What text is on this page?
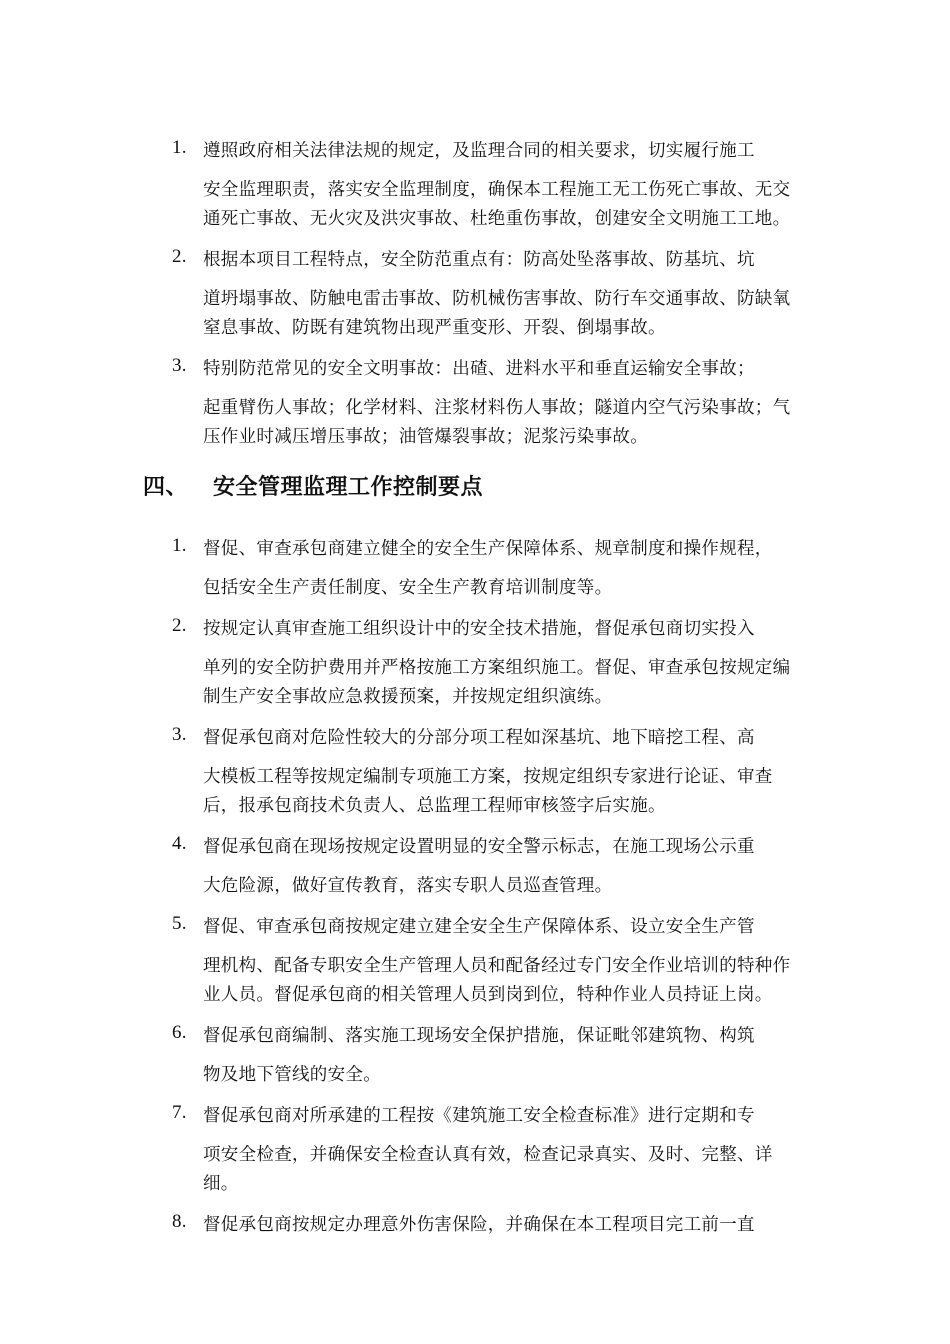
1. 遵照政府相关法律法规的规定，及监理合同的相关要求，切实履行施工
安全监理职责，落实安全监理制度，确保本工程施工无工伤死亡事故、无交通死亡事故、无火灾及洪灾事故、杜绝重伤事故，创建安全文明施工工地。
2. 根据本项目工程特点，安全防范重点有：防高处坠落事故、防基坑、坑
道坍塌事故、防触电雷击事故、防机械伤害事故、防行车交通事故、防缺氧窒息事故、防既有建筑物出现严重变形、开裂、倒塌事故。
3. 特别防范常见的安全文明事故：出碴、进料水平和垂直运输安全事故；
起重臂伤人事故；化学材料、注浆材料伤人事故；隧道内空气污染事故；气压作业时减压增压事故；油管爆裂事故；泥浆污染事故。
四、 安全管理监理工作控制要点
1. 督促、审查承包商建立健全的安全生产保障体系、规章制度和操作规程，
包括安全生产责任制度、安全生产教育培训制度等。
2. 按规定认真审查施工组织设计中的安全技术措施，督促承包商切实投入
单列的安全防护费用并严格按施工方案组织施工。督促、审查承包按规定编制生产安全事故应急救援预案，并按规定组织演练。
3. 督促承包商对危险性较大的分部分项工程如深基坑、地下暗挖工程、高
大模板工程等按规定编制专项施工方案，按规定组织专家进行论证、审查后，报承包商技术负责人、总监理工程师审核签字后实施。
4. 督促承包商在现场按规定设置明显的安全警示标志，在施工现场公示重
大危险源，做好宣传教育，落实专职人员巡查管理。
5. 督促、审查承包商按规定建立建全安全生产保障体系、设立安全生产管
理机构、配备专职安全生产管理人员和配备经过专门安全作业培训的特种作业人员。督促承包商的相关管理人员到岗到位，特种作业人员持证上岗。
6. 督促承包商编制、落实施工现场安全保护措施，保证毗邻建筑物、构筑
物及地下管线的安全。
7. 督促承包商对所承建的工程按《建筑施工安全检查标准》进行定期和专
项安全检查，并确保安全检查认真有效，检查记录真实、及时、完整、详细。
8. 督促承包商按规定办理意外伤害保险，并确保在本工程项目完工前一直
